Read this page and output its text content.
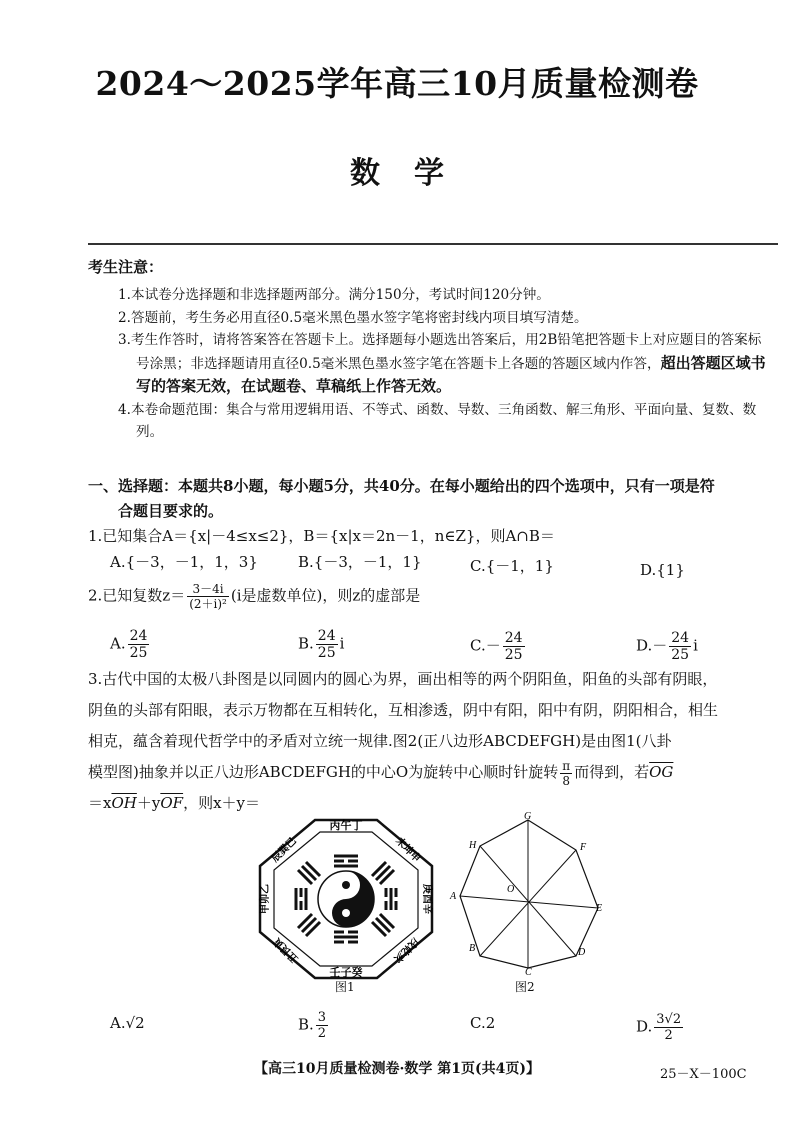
2024～2025学年高三10月质量检测卷
数学
考生注意：
1.本试卷分选择题和非选择题两部分。满分150分，考试时间120分钟。
2.答题前，考生务必用直径0.5毫米黑色墨水签字笔将密封线内项目填写清楚。
3.考生作答时，请将答案答在答题卡上。选择题每小题选出答案后，用2B铅笔把答题卡上对应题目的答案标号涂黑；非选择题请用直径0.5毫米黑色墨水签字笔在答题卡上各题的答题区域内作答，超出答题区域书写的答案无效，在试题卷、草稿纸上作答无效。
4.本卷命题范围：集合与常用逻辑用语、不等式、函数、导数、三角函数、解三角形、平面向量、复数、数列。
一、选择题：本题共8小题，每小题5分，共40分。在每小题给出的四个选项中，只有一项是符
合题目要求的。
1.已知集合A＝{x|－4≤x≤2}，B＝{x|x＝2n－1，n∈Z}，则A∩B＝
A.{－3，－1，1，3}	B.{－3，－1，1}	C.{－1，1}	D.{1}
2.已知复数$z= \frac{3-4i}{\text{(2＋i)²}} (i$是虚数单位)，则z的虚部是
A. $\frac{24}{25}$	B. $\frac{24}{25}$ i	$C.- \frac{24}{25}$	$D.- \frac{24}{25}$ i
3.古代中国的太极八卦图是以同圆内的圆心为界，画出相等的两个阴阳鱼，阳鱼的头部有阴眼，
阴鱼的头部有阳眼，表示万物都在互相转化，互相渗透，阴中有阳，阳中有阴，阴阳相合，相生
相克，蕴含着现代哲学中的矛盾对立统一规律.图2(正八边形ABCDEFGH)是由图1(八卦
模型图)抽象并以正八边形ABCDEFGH的中心O为旋转中心顺时针旋转 $\frac{\pi}{8}$ 而得到，若$\overline{OG}$
$=x\overline{OH}+y\overline{OF}$，则x＋y＝
丙午丁
壬子癸
未坤申
庚酉辛
戌乾亥
丑艮寅
甲卯乙
辰巽巳
图1
G
F
E
D
C
B
A
H
O
图2
A.√2	B. $\frac{3}{2}$	C.2	D. $\frac{3√2}{2}$
【高三10月质量检测卷·数学 第1页(共4页)】	25－X－100C
